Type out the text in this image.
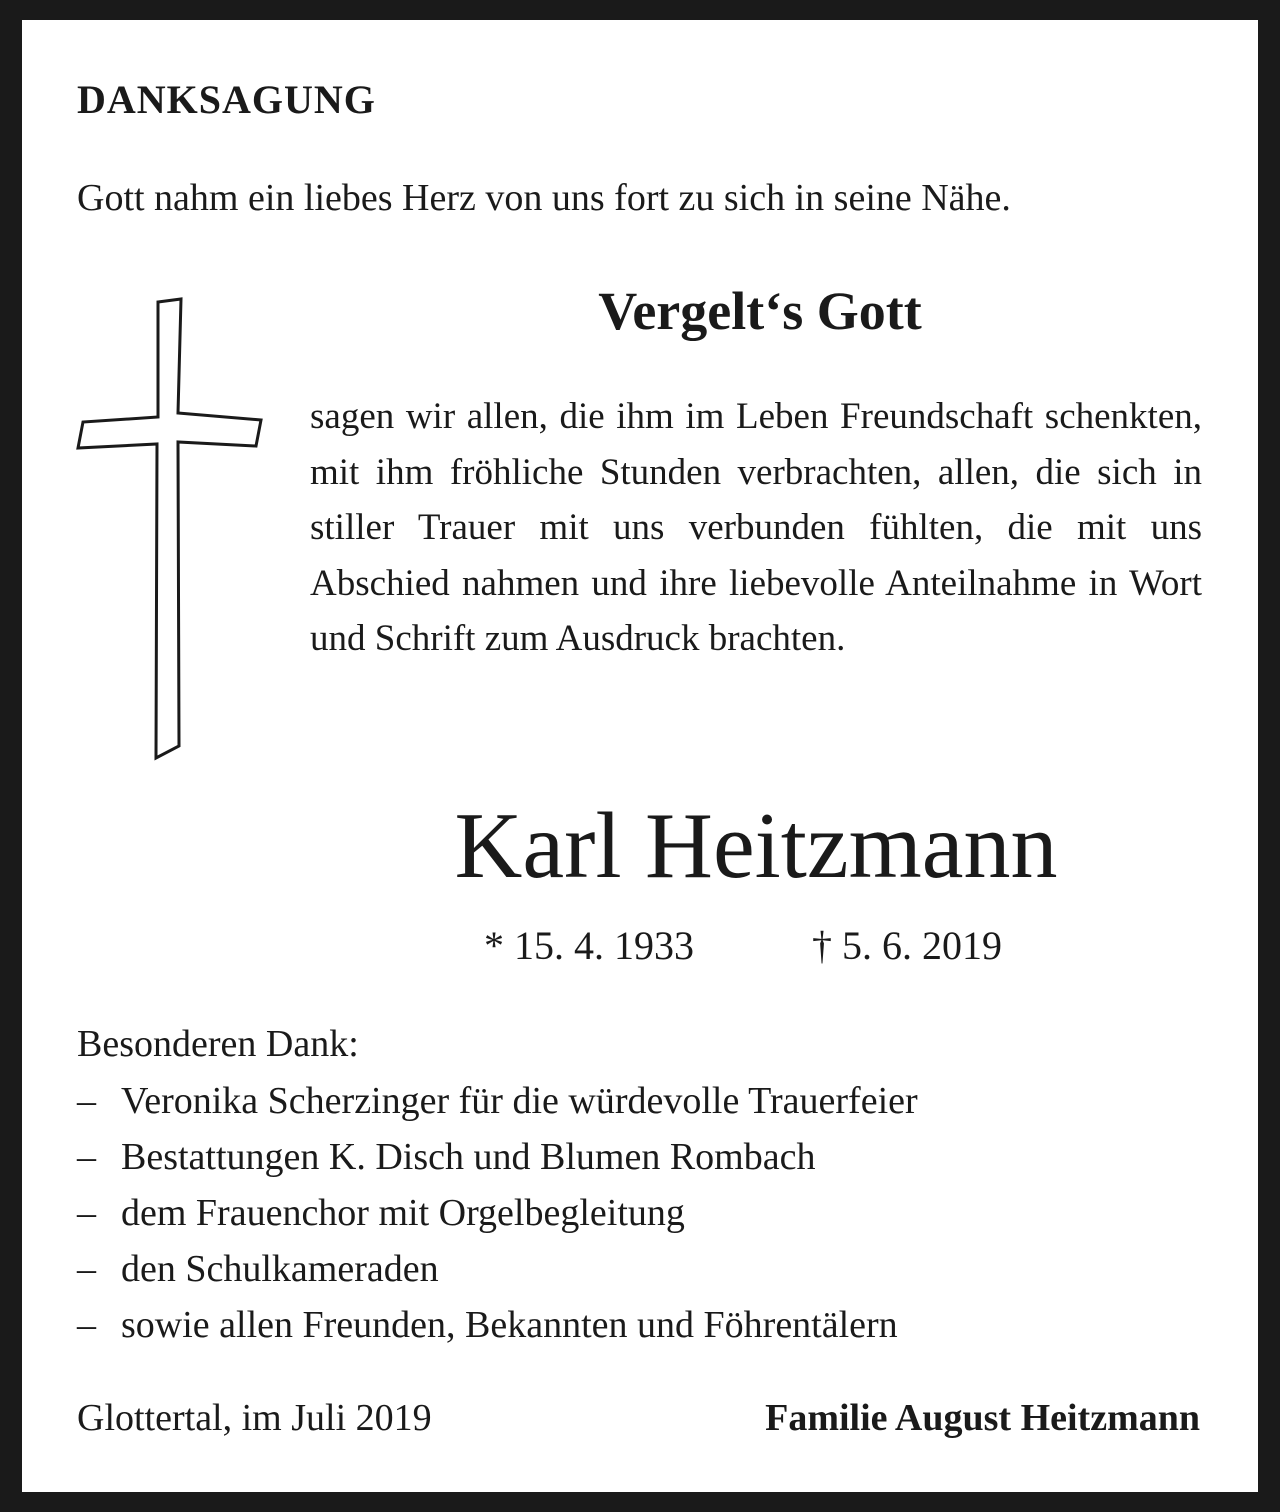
DANKSAGUNG

Gott nahm ein liebes Herz von uns fort zu sich in seine Nähe.

Vergelt‘s Gott

sagen wir allen, die ihm im Leben Freundschaft schenkten, mit ihm fröhliche Stunden verbrachten, allen, die sich in stiller Trauer mit uns verbunden fühlten, die mit uns Abschied nahmen und ihre liebevolle Anteilnahme in Wort und Schrift zum Ausdruck brachten.

Karl Heitzmann
* 15. 4. 1933	† 5. 6. 2019
Besonderen Dank:
– Veronika Scherzinger für die würdevolle Trauerfeier
– Bestattungen K. Disch und Blumen Rombach
– dem Frauenchor mit Orgelbegleitung
– den Schulkameraden
– sowie allen Freunden, Bekannten und Föhrentälern
Glottertal, im Juli 2019	Familie August Heitzmann
